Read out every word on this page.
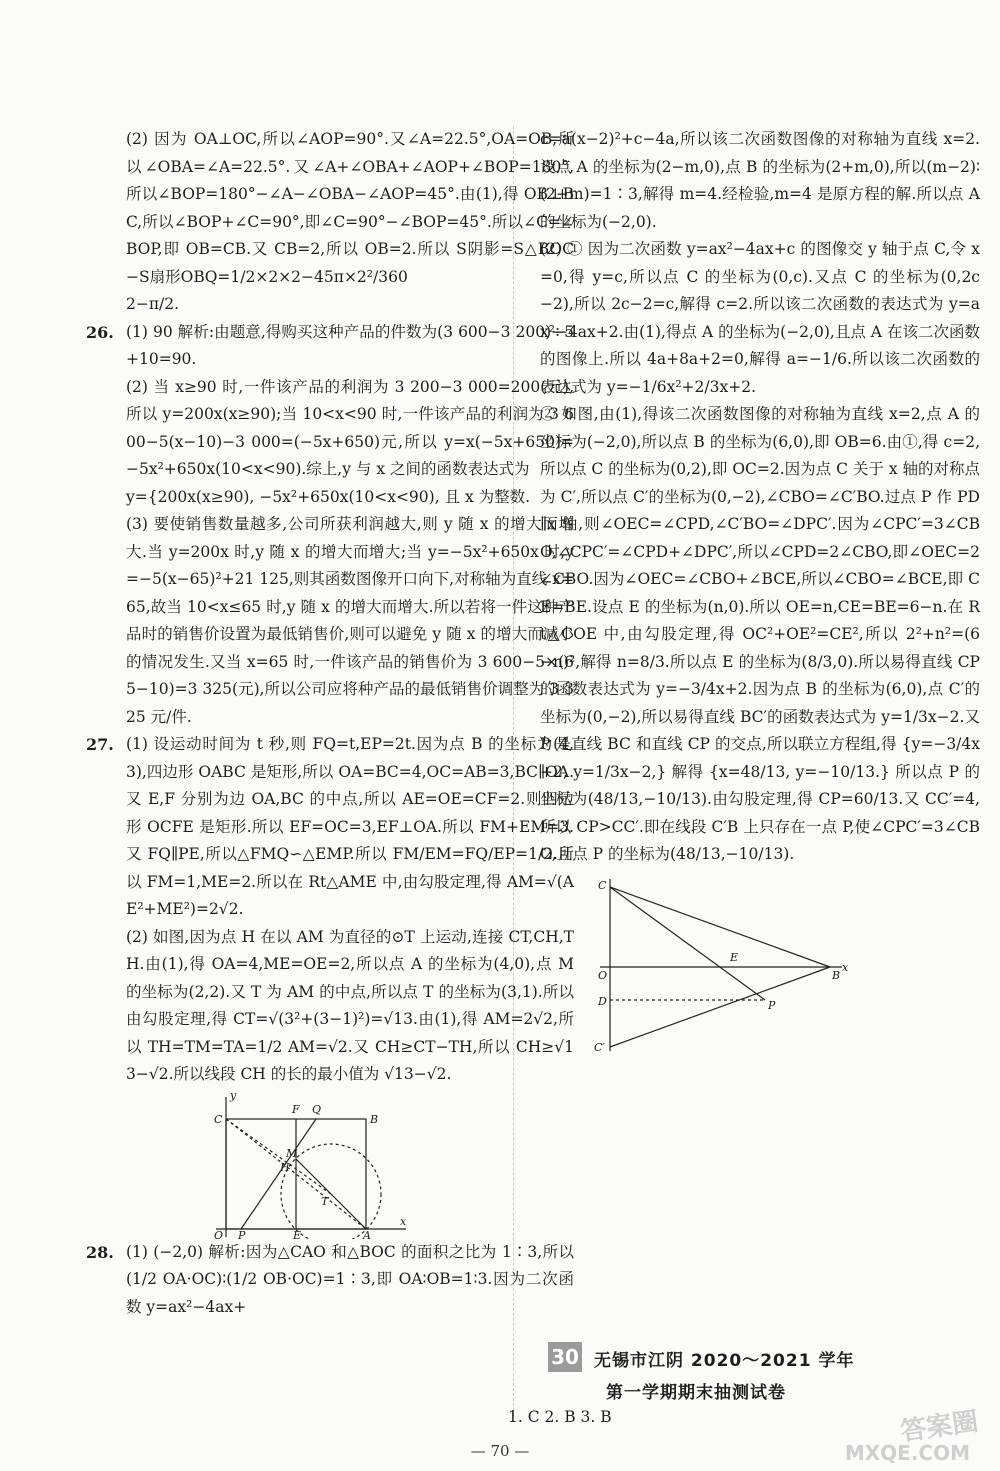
(2) 因为 OA⊥OC,所以∠AOP=90°.又∠A=22.5°,OA=OB,所以∠OBA=∠A=22.5°.又∠A+∠OBA+∠AOP+∠BOP=180°,所以∠BOP=180°−∠A−∠OBA−∠AOP=45°.由(1),得 OB⊥BC,所以∠BOP+∠C=90°,即∠C=90°−∠BOP=45°.所以∠C=∠BOP,即 OB=CB.又 CB=2,所以 OB=2.所以 S阴影=S△BOC−S扇形OBQ=1/2×2×2−45π×2²/360

2−π/2.

26. (1) 90 解析:由题意,得购买这种产品的件数为(3 600−3 200)÷5+10=90.

(2) 当 x≥90 时,一件该产品的利润为 3 200−3 000=200(元),所以 y=200x(x≥90);当 10<x<90 时,一件该产品的利润为 3 600−5(x−10)−3 000=(−5x+650)元,所以 y=x(−5x+650)=−5x²+650x(10<x<90).综上,y 与 x 之间的函数表达式为

y={200x(x≥90), −5x²+650x(10<x<90), 且 x 为整数.

(3) 要使销售数量越多,公司所获利润越大,则 y 随 x 的增大而增大.当 y=200x 时,y 随 x 的增大而增大;当 y=−5x²+650x 时,y=−5(x−65)²+21 125,则其函数图像开口向下,对称轴为直线 x=65,故当 10<x≤65 时,y 随 x 的增大而增大.所以若将一件这种产品时的销售价设置为最低销售价,则可以避免 y 随 x 的增大而减小的情况发生.又当 x=65 时,一件该产品的销售价为 3 600−5×(65−10)=3 325(元),所以公司应将种产品的最低销售价调整为 3 325 元/件.

27. (1) 设运动时间为 t 秒,则 FQ=t,EP=2t.因为点 B 的坐标为(4,3),四边形 OABC 是矩形,所以 OA=BC=4,OC=AB=3,BC∥OA.又 E,F 分别为边 OA,BC 的中点,所以 AE=OE=CF=2.则四边形 OCFE 是矩形.所以 EF=OC=3,EF⊥OA.所以 FM+EM=3.又 FQ∥PE,所以△FMQ∽△EMP.所以 FM/EM=FQ/EP=1/2.所以 FM=1,ME=2.所以在 Rt△AME 中,由勾股定理,得 AM=√(AE²+ME²)=2√2.

(2) 如图,因为点 H 在以 AM 为直径的⊙T 上运动,连接 CT,CH,TH.由(1),得 OA=4,ME=OE=2,所以点 A 的坐标为(4,0),点 M 的坐标为(2,2).又 T 为 AM 的中点,所以点 T 的坐标为(3,1).所以由勾股定理,得 CT=√(3²+(3−1)²)=√13.由(1),得 AM=2√2,所以 TH=TM=TA=1/2 AM=√2.又 CH≥CT−TH,所以 CH≥√13−√2.所以线段 CH 的长的最小值为 √13−√2.

y
C
F Q
B
M
H
T
O P	E	A
x
28. (1) (−2,0) 解析:因为△CAO 和△BOC 的面积之比为 1∶3,所以(1/2 OA·OC)∶(1/2 OB·OC)=1∶3,即 OA∶OB=1∶3.因为二次函数 y=ax²−4ax+

c=a(x−2)²+c−4a,所以该二次函数图像的对称轴为直线 x=2.设点 A 的坐标为(2−m,0),点 B 的坐标为(2+m,0),所以(m−2)∶(2+m)=1∶3,解得 m=4.经检验,m=4 是原方程的解.所以点 A 的坐标为(−2,0).

(2) ① 因为二次函数 y=ax²−4ax+c 的图像交 y 轴于点 C,令 x=0,得 y=c,所以点 C 的坐标为(0,c).又点 C 的坐标为(0,2c−2),所以 2c−2=c,解得 c=2.所以该二次函数的表达式为 y=ax²−4ax+2.由(1),得点 A 的坐标为(−2,0),且点 A 在该二次函数的图像上.所以 4a+8a+2=0,解得 a=−1/6.所以该二次函数的表达式为 y=−1/6x²+2/3x+2.

② 如图,由(1),得该二次函数图像的对称轴为直线 x=2,点 A 的坐标为(−2,0),所以点 B 的坐标为(6,0),即 OB=6.由①,得 c=2,所以点 C 的坐标为(0,2),即 OC=2.因为点 C 关于 x 轴的对称点为 C′,所以点 C′的坐标为(0,−2),∠CBO=∠C′BO.过点 P 作 PD∥x 轴,则∠OEC=∠CPD,∠C′BO=∠DPC′.因为∠CPC′=3∠CBO,∠CPC′=∠CPD+∠DPC′,所以∠CPD=2∠CBO,即∠OEC=2∠CBO.因为∠OEC=∠CBO+∠BCE,所以∠CBO=∠BCE,即 CE=BE.设点 E 的坐标为(n,0).所以 OE=n,CE=BE=6−n.在 Rt△COE 中,由勾股定理,得 OC²+OE²=CE²,所以 2²+n²=(6−n)²,解得 n=8/3.所以点 E 的坐标为(8/3,0).所以易得直线 CP 的函数表达式为 y=−3/4x+2.因为点 B 的坐标为(6,0),点 C′的坐标为(0,−2),所以易得直线 BC′的函数表达式为 y=1/3x−2.又 P 是直线 BC 和直线 CP 的交点,所以联立方程组,得 {y=−3/4x+2, y=1/3x−2,} 解得 {x=48/13, y=−10/13.} 所以点 P 的坐标为(48/13,−10/13).由勾股定理,得 CP=60/13.又 CC′=4,所以 CP>CC′.即在线段 C′B 上只存在一点 P,使∠CPC′=3∠CBO,且点 P 的坐标为(48/13,−10/13).

C
E
O	B
x
D	P
C′
30 无锡市江阴 2020～2021 学年
第一学期期末抽测试卷
1. C 2. B 3. B
— 70 —
答案圈
MXQE.COM
